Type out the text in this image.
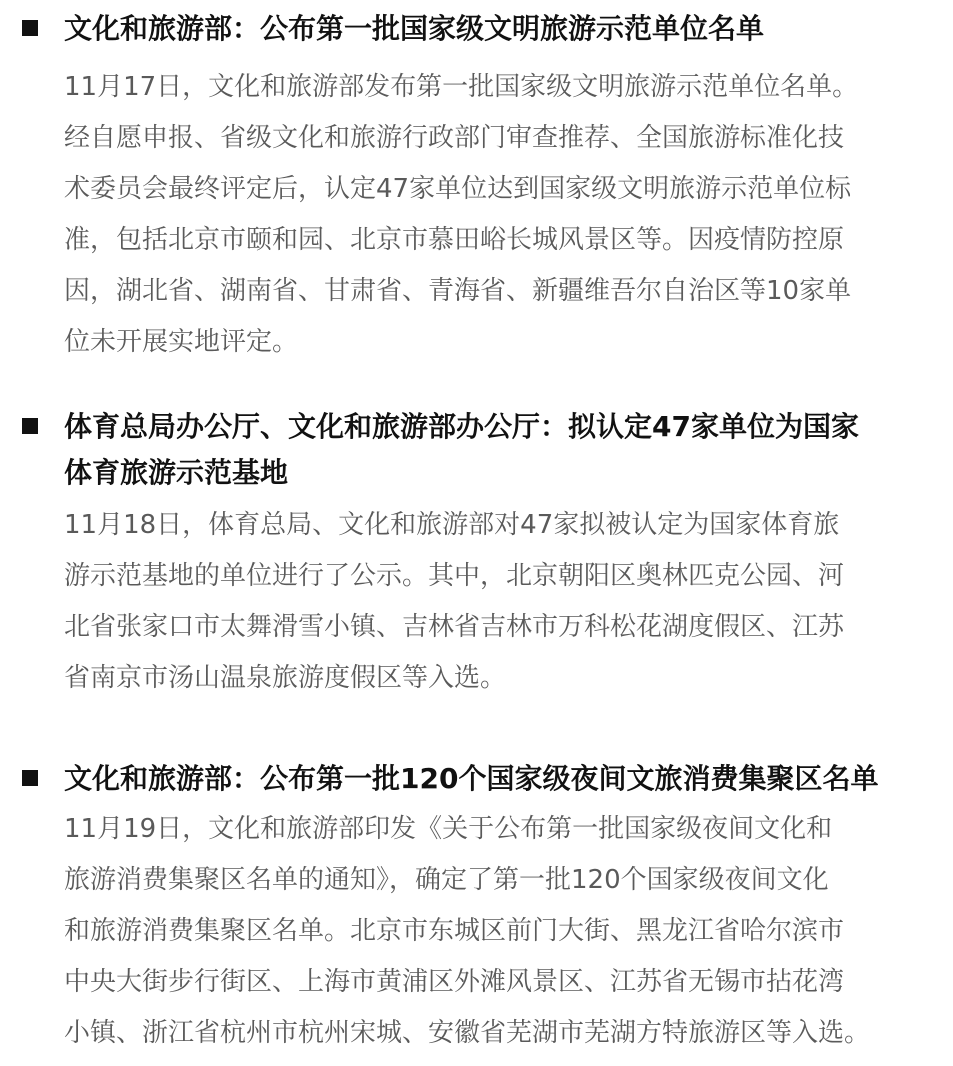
文化和旅游部：公布第一批国家级文明旅游示范单位名单
11月17日，文化和旅游部发布第一批国家级文明旅游示范单位名单。
经自愿申报、省级文化和旅游行政部门审查推荐、全国旅游标准化技
术委员会最终评定后，认定47家单位达到国家级文明旅游示范单位标
准，包括北京市颐和园、北京市慕田峪长城风景区等。因疫情防控原
因，湖北省、湖南省、甘肃省、青海省、新疆维吾尔自治区等10家单
位未开展实地评定。
体育总局办公厅、文化和旅游部办公厅：拟认定47家单位为国家
体育旅游示范基地
11月18日，体育总局、文化和旅游部对47家拟被认定为国家体育旅
游示范基地的单位进行了公示。其中，北京朝阳区奥林匹克公园、河
北省张家口市太舞滑雪小镇、吉林省吉林市万科松花湖度假区、江苏
省南京市汤山温泉旅游度假区等入选。
文化和旅游部：公布第一批120个国家级夜间文旅消费集聚区名单
11月19日，文化和旅游部印发《关于公布第一批国家级夜间文化和
旅游消费集聚区名单的通知》，确定了第一批120个国家级夜间文化
和旅游消费集聚区名单。北京市东城区前门大街、黑龙江省哈尔滨市
中央大街步行街区、上海市黄浦区外滩风景区、江苏省无锡市拈花湾
小镇、浙江省杭州市杭州宋城、安徽省芜湖市芜湖方特旅游区等入选。
